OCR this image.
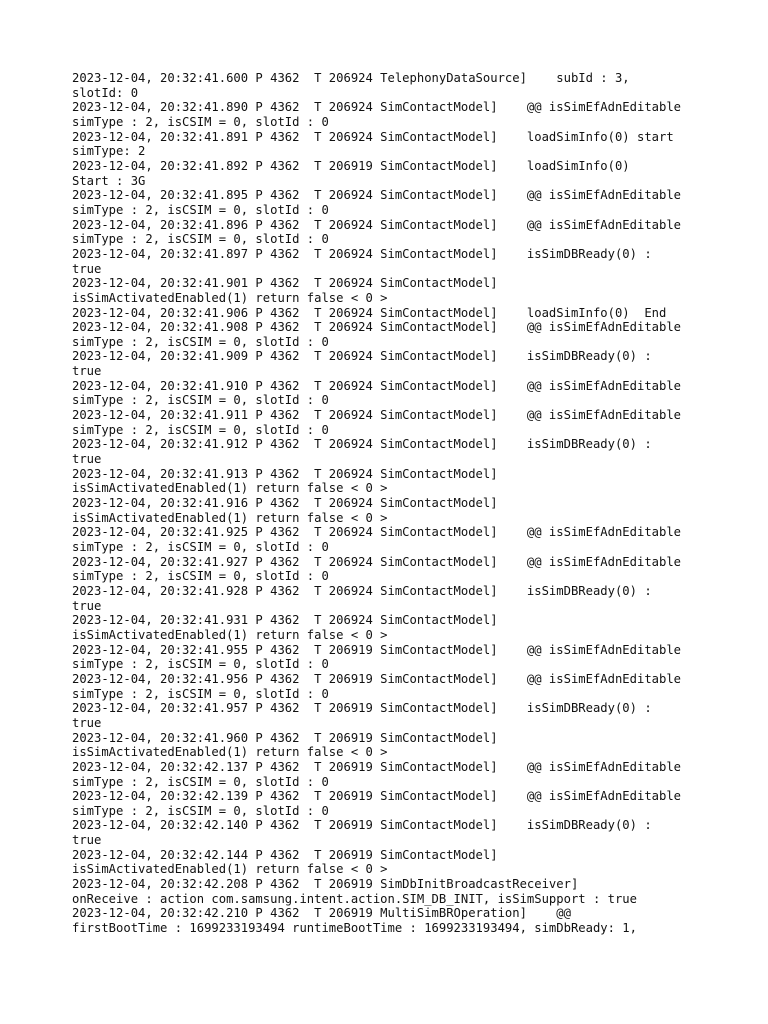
2023-12-04, 20:32:41.600 P 4362  T 206924 TelephonyDataSource]    subId : 3,
slotId: 0
2023-12-04, 20:32:41.890 P 4362  T 206924 SimContactModel]    @@ isSimEfAdnEditable
simType : 2, isCSIM = 0, slotId : 0
2023-12-04, 20:32:41.891 P 4362  T 206924 SimContactModel]    loadSimInfo(0) start
simType: 2
2023-12-04, 20:32:41.892 P 4362  T 206919 SimContactModel]    loadSimInfo(0)
Start : 3G
2023-12-04, 20:32:41.895 P 4362  T 206924 SimContactModel]    @@ isSimEfAdnEditable
simType : 2, isCSIM = 0, slotId : 0
2023-12-04, 20:32:41.896 P 4362  T 206924 SimContactModel]    @@ isSimEfAdnEditable
simType : 2, isCSIM = 0, slotId : 0
2023-12-04, 20:32:41.897 P 4362  T 206924 SimContactModel]    isSimDBReady(0) :
true
2023-12-04, 20:32:41.901 P 4362  T 206924 SimContactModel]
isSimActivatedEnabled(1) return false < 0 >
2023-12-04, 20:32:41.906 P 4362  T 206924 SimContactModel]    loadSimInfo(0)  End
2023-12-04, 20:32:41.908 P 4362  T 206924 SimContactModel]    @@ isSimEfAdnEditable
simType : 2, isCSIM = 0, slotId : 0
2023-12-04, 20:32:41.909 P 4362  T 206924 SimContactModel]    isSimDBReady(0) :
true
2023-12-04, 20:32:41.910 P 4362  T 206924 SimContactModel]    @@ isSimEfAdnEditable
simType : 2, isCSIM = 0, slotId : 0
2023-12-04, 20:32:41.911 P 4362  T 206924 SimContactModel]    @@ isSimEfAdnEditable
simType : 2, isCSIM = 0, slotId : 0
2023-12-04, 20:32:41.912 P 4362  T 206924 SimContactModel]    isSimDBReady(0) :
true
2023-12-04, 20:32:41.913 P 4362  T 206924 SimContactModel]
isSimActivatedEnabled(1) return false < 0 >
2023-12-04, 20:32:41.916 P 4362  T 206924 SimContactModel]
isSimActivatedEnabled(1) return false < 0 >
2023-12-04, 20:32:41.925 P 4362  T 206924 SimContactModel]    @@ isSimEfAdnEditable
simType : 2, isCSIM = 0, slotId : 0
2023-12-04, 20:32:41.927 P 4362  T 206924 SimContactModel]    @@ isSimEfAdnEditable
simType : 2, isCSIM = 0, slotId : 0
2023-12-04, 20:32:41.928 P 4362  T 206924 SimContactModel]    isSimDBReady(0) :
true
2023-12-04, 20:32:41.931 P 4362  T 206924 SimContactModel]
isSimActivatedEnabled(1) return false < 0 >
2023-12-04, 20:32:41.955 P 4362  T 206919 SimContactModel]    @@ isSimEfAdnEditable
simType : 2, isCSIM = 0, slotId : 0
2023-12-04, 20:32:41.956 P 4362  T 206919 SimContactModel]    @@ isSimEfAdnEditable
simType : 2, isCSIM = 0, slotId : 0
2023-12-04, 20:32:41.957 P 4362  T 206919 SimContactModel]    isSimDBReady(0) :
true
2023-12-04, 20:32:41.960 P 4362  T 206919 SimContactModel]
isSimActivatedEnabled(1) return false < 0 >
2023-12-04, 20:32:42.137 P 4362  T 206919 SimContactModel]    @@ isSimEfAdnEditable
simType : 2, isCSIM = 0, slotId : 0
2023-12-04, 20:32:42.139 P 4362  T 206919 SimContactModel]    @@ isSimEfAdnEditable
simType : 2, isCSIM = 0, slotId : 0
2023-12-04, 20:32:42.140 P 4362  T 206919 SimContactModel]    isSimDBReady(0) :
true
2023-12-04, 20:32:42.144 P 4362  T 206919 SimContactModel]
isSimActivatedEnabled(1) return false < 0 >
2023-12-04, 20:32:42.208 P 4362  T 206919 SimDbInitBroadcastReceiver]
onReceive : action com.samsung.intent.action.SIM_DB_INIT, isSimSupport : true
2023-12-04, 20:32:42.210 P 4362  T 206919 MultiSimBROperation]    @@
firstBootTime : 1699233193494 runtimeBootTime : 1699233193494, simDbReady: 1,
